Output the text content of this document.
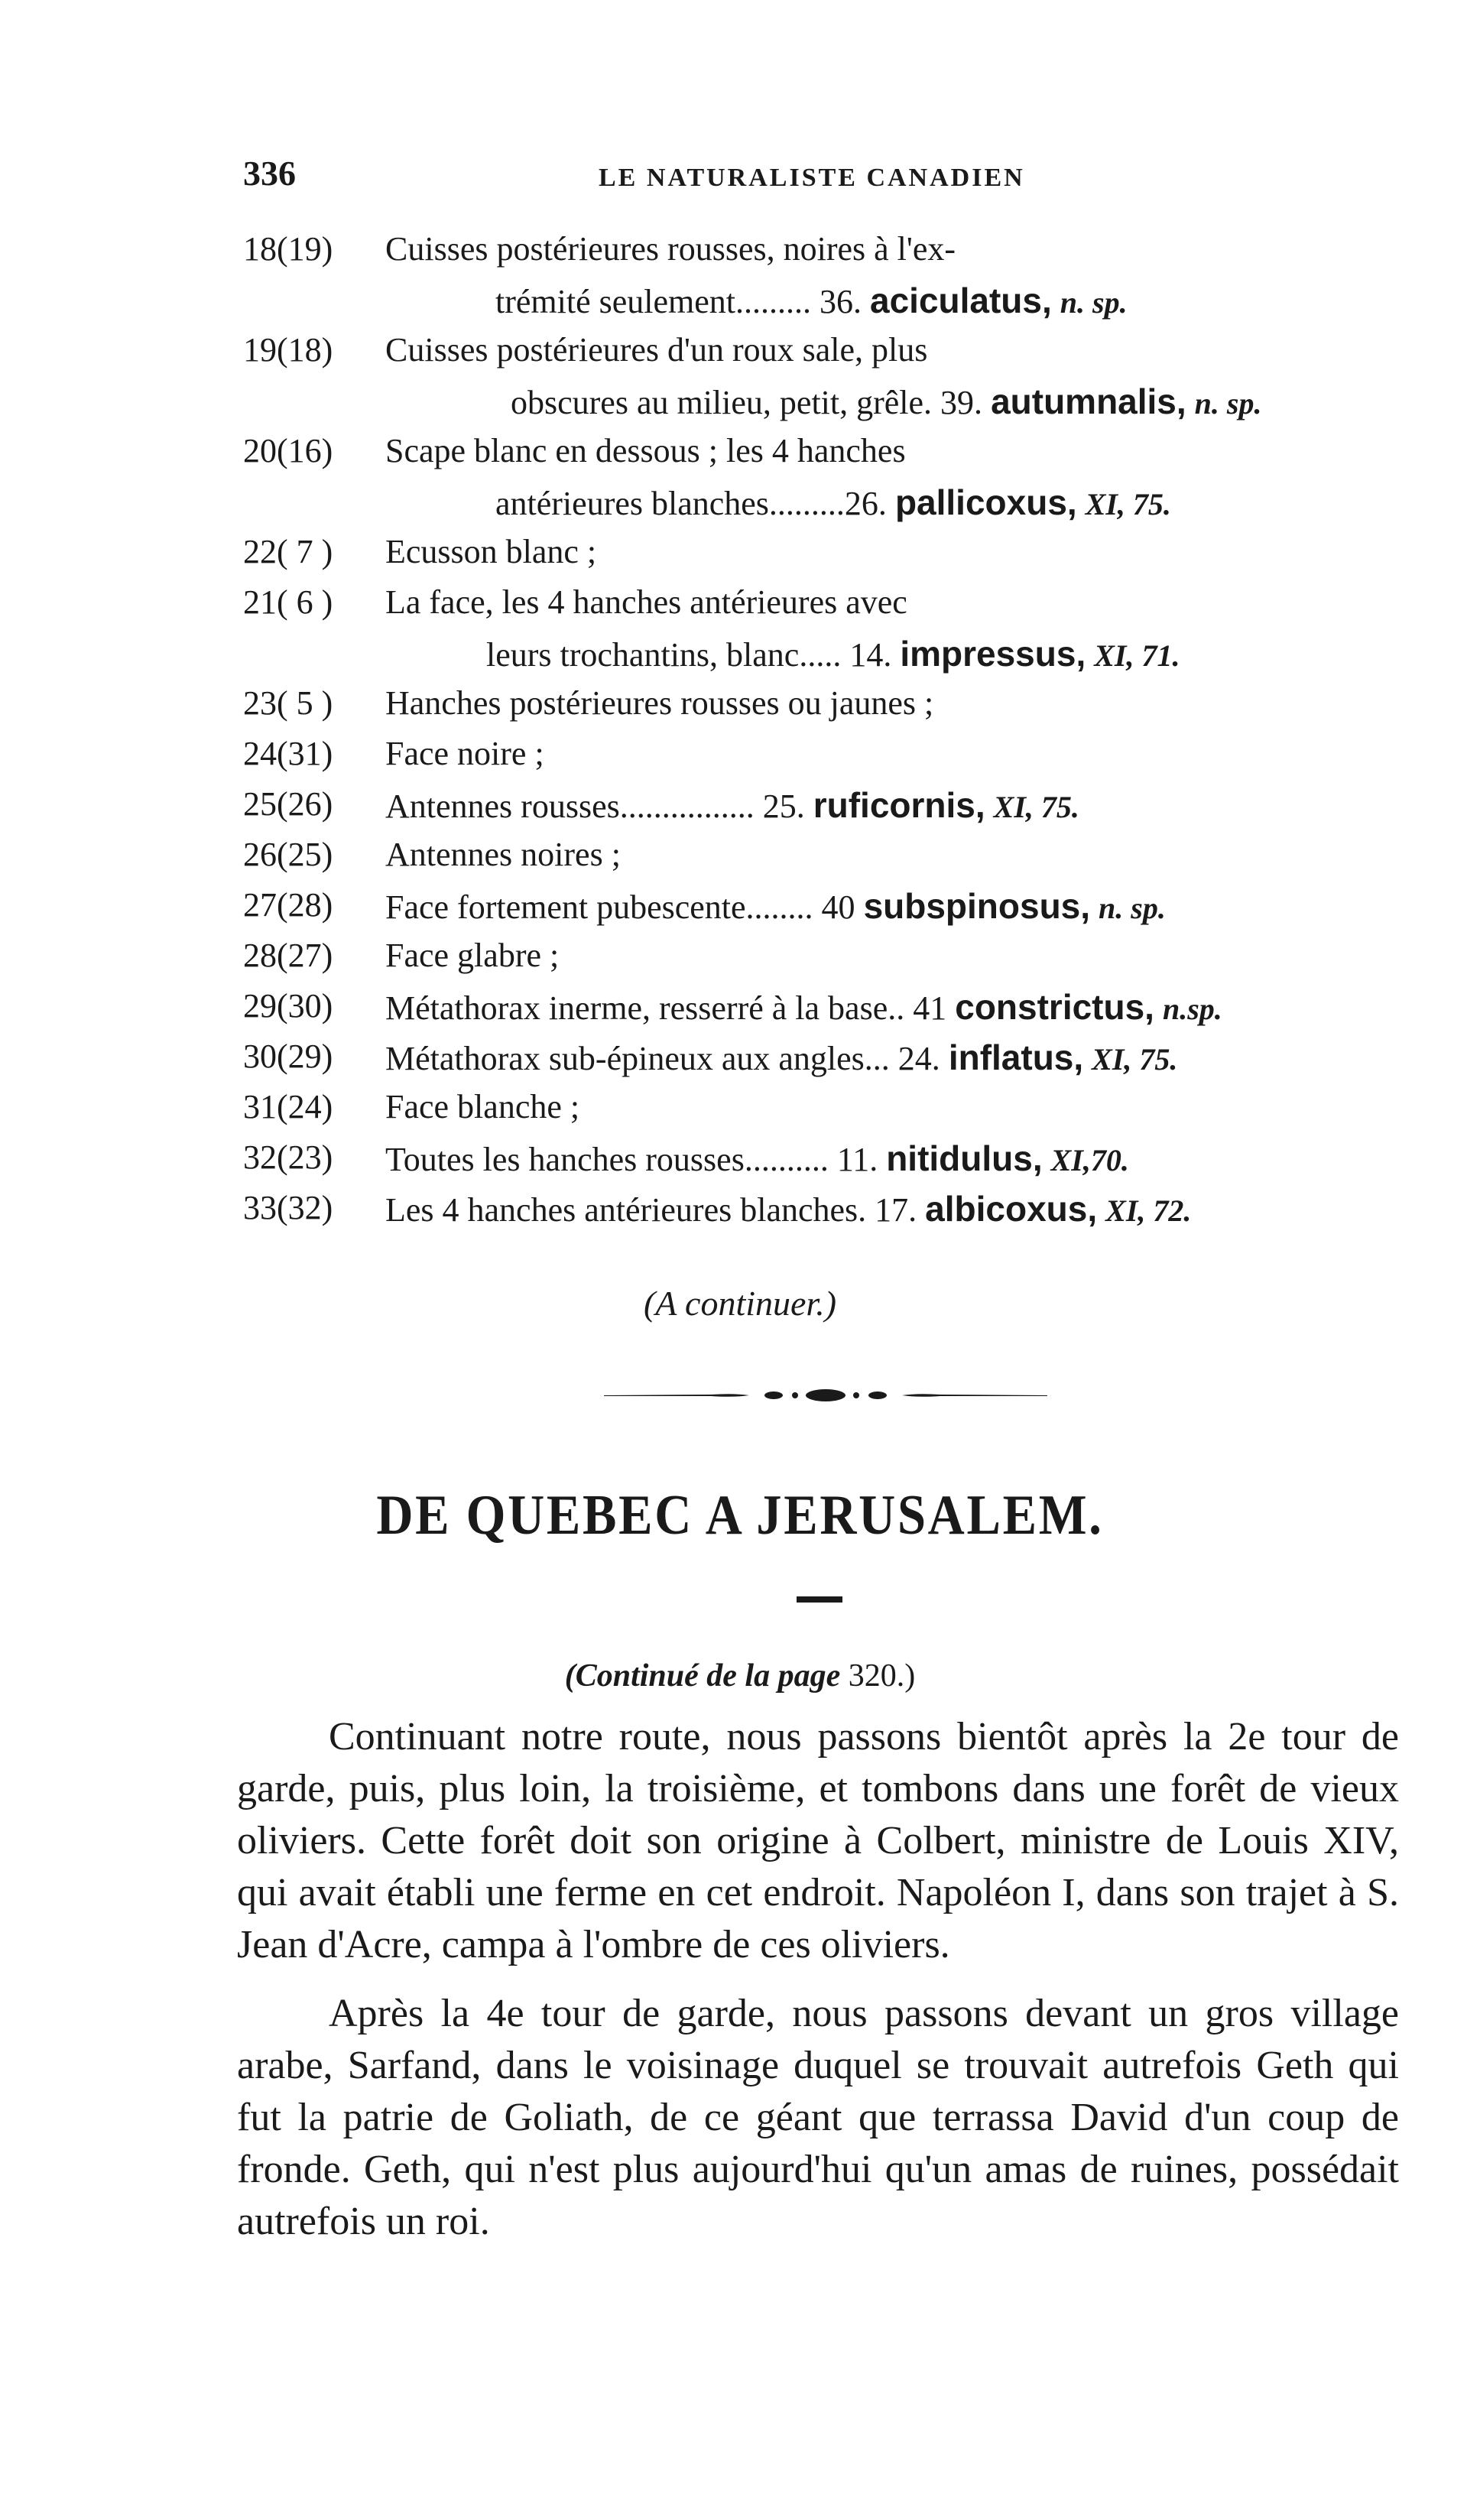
336	LE NATURALISTE CANADIEN
18(19) Cuisses postérieures rousses, noires à l'ex-
trémité seulement......... 36. aciculatus, n. sp.
19(18) Cuisses postérieures d'un roux sale, plus
obscures au milieu, petit, grêle. 39. autumnalis, n. sp.
20(16) Scape blanc en dessous ; les 4 hanches
antérieures blanches.........26. pallicoxus, XI, 75.
22( 7 ) Ecusson blanc ;
21( 6 ) La face, les 4 hanches antérieures avec
leurs trochantins, blanc..... 14. impressus, XI, 71.
23( 5 ) Hanches postérieures rousses ou jaunes ;
24(31) Face noire ;
25(26) Antennes rousses................ 25. ruficornis, XI, 75.
26(25) Antennes noires ;
27(28) Face fortement pubescente........ 40 subspinosus, n. sp.
28(27) Face glabre ;
29(30) Métathorax inerme, resserré à la base.. 41 constrictus, n.sp.
30(29) Métathorax sub-épineux aux angles... 24. inflatus, XI, 75.
31(24) Face blanche ;
32(23) Toutes les hanches rousses.......... 11. nitidulus, XI,70.
33(32) Les 4 hanches antérieures blanches. 17. albicoxus, XI, 72.
(A continuer.)
DE QUEBEC A JERUSALEM.
(Continué de la page 320.)

Continuant notre route, nous passons bientôt après la 2e tour de garde, puis, plus loin, la troisième, et tombons dans une forêt de vieux oliviers. Cette forêt doit son origine à Colbert, ministre de Louis XIV, qui avait établi une ferme en cet endroit. Napoléon I, dans son trajet à S. Jean d'Acre, campa à l'ombre de ces oliviers.

Après la 4e tour de garde, nous passons devant un gros village arabe, Sarfand, dans le voisinage duquel se trouvait autrefois Geth qui fut la patrie de Goliath, de ce géant que terrassa David d'un coup de fronde. Geth, qui n'est plus aujourd'hui qu'un amas de ruines, possédait autrefois un roi.
